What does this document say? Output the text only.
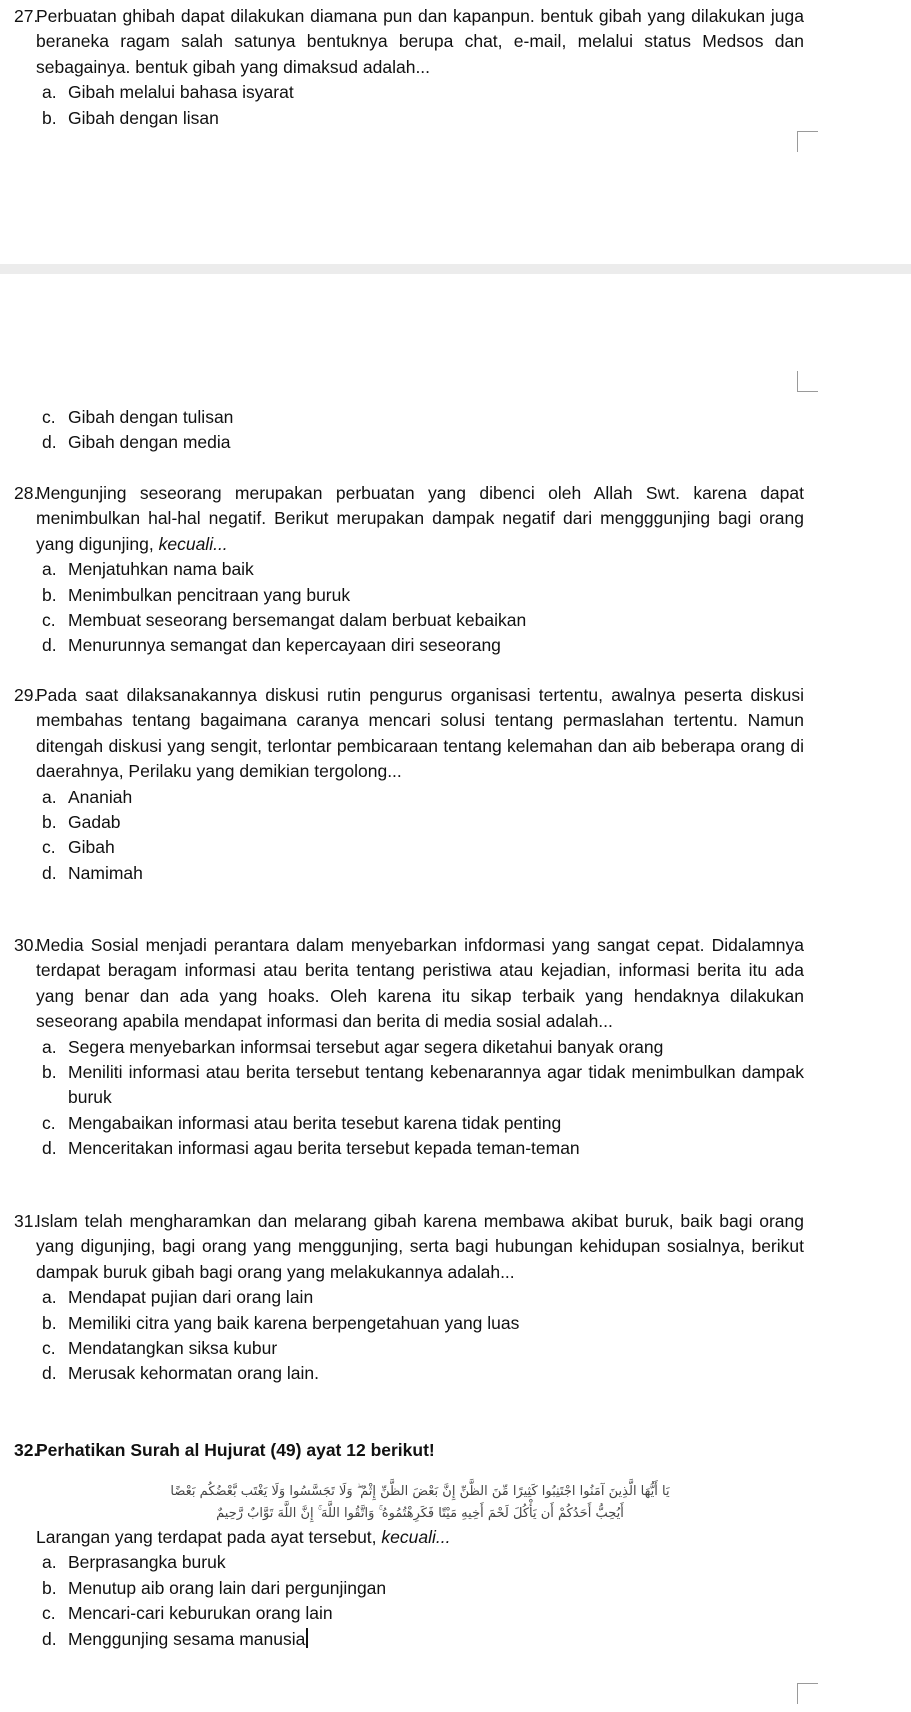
27.Perbuatan ghibah dapat dilakukan diamana pun dan kapanpun. bentuk gibah yang dilakukan juga beraneka ragam salah satunya bentuknya berupa chat, e-mail, melalui status Medsos dan sebagainya. bentuk gibah yang dimaksud adalah...

a. Gibah melalui bahasa isyarat
b. Gibah dengan lisan
c. Gibah dengan tulisan
d. Gibah dengan media

28.Mengunjing seseorang merupakan perbuatan yang dibenci oleh Allah Swt. karena dapat menimbulkan hal-hal negatif. Berikut merupakan dampak negatif dari mengggunjing bagi orang yang digunjing, kecuali...

a. Menjatuhkan nama baik
b. Menimbulkan pencitraan yang buruk
c. Membuat seseorang bersemangat dalam berbuat kebaikan
d. Menurunnya semangat dan kepercayaan diri seseorang

29.Pada saat dilaksanakannya diskusi rutin pengurus organisasi tertentu, awalnya peserta diskusi membahas tentang bagaimana caranya mencari solusi tentang permaslahan tertentu. Namun ditengah diskusi yang sengit, terlontar pembicaraan tentang kelemahan dan aib beberapa orang di daerahnya, Perilaku yang demikian tergolong...

a. Ananiah
b. Gadab
c. Gibah
d. Namimah

30.Media Sosial menjadi perantara dalam menyebarkan infdormasi yang sangat cepat. Didalamnya terdapat beragam informasi atau berita tentang peristiwa atau kejadian, informasi berita itu ada yang benar dan ada yang hoaks. Oleh karena itu sikap terbaik yang hendaknya dilakukan seseorang apabila mendapat informasi dan berita di media sosial adalah...

a. Segera menyebarkan informsai tersebut agar segera diketahui banyak orang
b. Meniliti informasi atau berita tersebut tentang kebenarannya agar tidak menimbulkan dampak buruk
c. Mengabaikan informasi atau berita tesebut karena tidak penting
d. Menceritakan informasi agau berita tersebut kepada teman-teman

31.Islam telah mengharamkan dan melarang gibah karena membawa akibat buruk, baik bagi orang yang digunjing, bagi orang yang menggunjing, serta bagi hubungan kehidupan sosialnya, berikut dampak buruk gibah bagi orang yang melakukannya adalah...

a. Mendapat pujian dari orang lain
b. Memiliki citra yang baik karena berpengetahuan yang luas
c. Mendatangkan siksa kubur
d. Merusak kehormatan orang lain.

32.Perhatikan Surah al Hujurat (49) ayat 12 berikut!

يَا أَيُّهَا الَّذِينَ آمَنُوا اجْتَنِبُوا كَثِيرًا مِّنَ الظَّنِّ إِنَّ بَعْضَ الظَّنِّ إِثْمٌ ۖ وَلَا تَجَسَّسُوا وَلَا يَغْتَب بَّعْضُكُم بَعْضًا
أَيُحِبُّ أَحَدُكُمْ أَن يَأْكُلَ لَحْمَ أَخِيهِ مَيْتًا فَكَرِهْتُمُوهُ ۚ وَاتَّقُوا اللَّهَ ۚ إِنَّ اللَّهَ تَوَّابٌ رَّحِيمٌ

Larangan yang terdapat pada ayat tersebut, kecuali...

a. Berprasangka buruk
b. Menutup aib orang lain dari pergunjingan
c. Mencari-cari keburukan orang lain
d. Menggunjing sesama manusia
